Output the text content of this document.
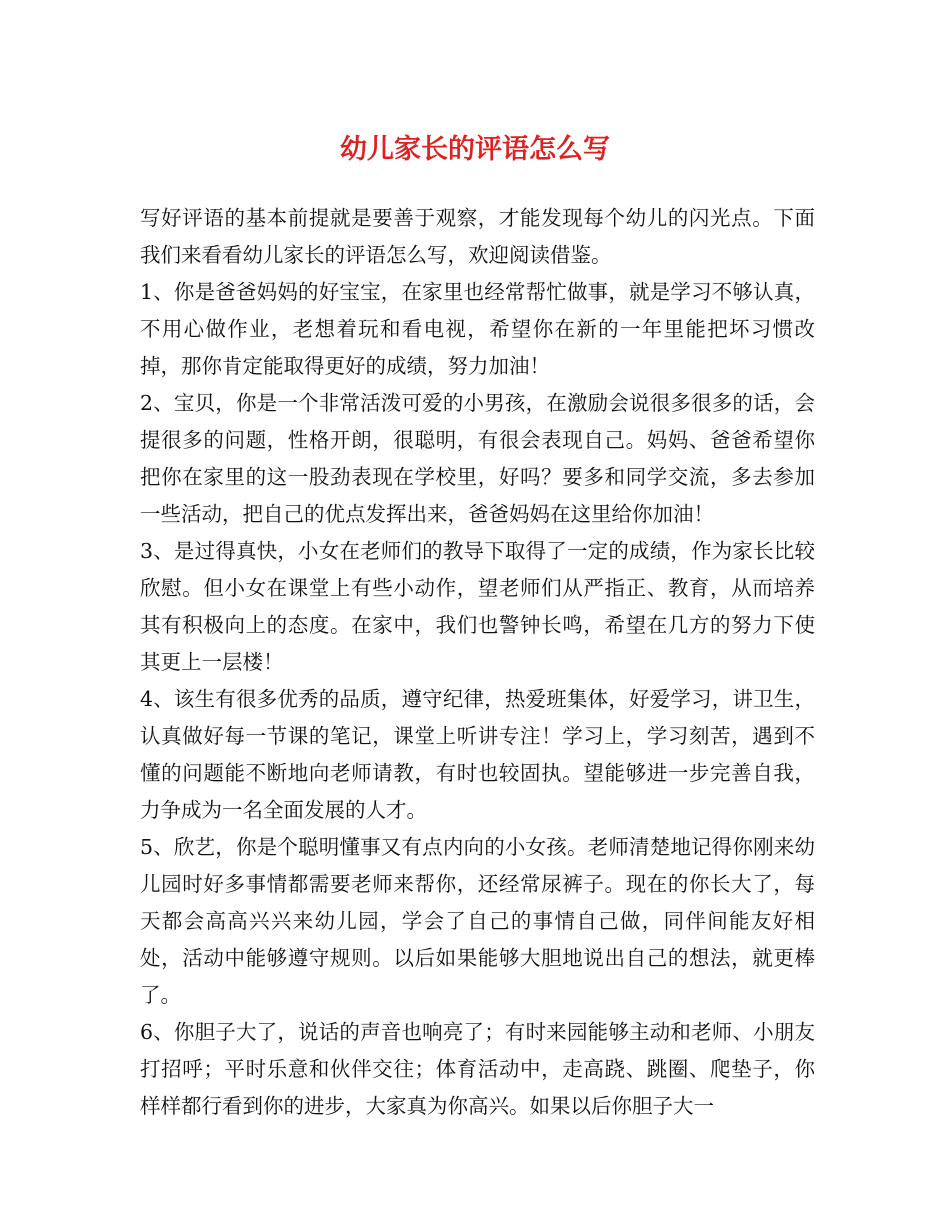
幼儿家长的评语怎么写

写好评语的基本前提就是要善于观察，才能发现每个幼儿的闪光点。下面我们来看看幼儿家长的评语怎么写，欢迎阅读借鉴。

1、你是爸爸妈妈的好宝宝，在家里也经常帮忙做事，就是学习不够认真，不用心做作业，老想着玩和看电视，希望你在新的一年里能把坏习惯改掉，那你肯定能取得更好的成绩，努力加油！

2、宝贝，你是一个非常活泼可爱的小男孩，在激励会说很多很多的话，会提很多的问题，性格开朗，很聪明，有很会表现自己。妈妈、爸爸希望你把你在家里的这一股劲表现在学校里，好吗？要多和同学交流，多去参加一些活动，把自己的优点发挥出来，爸爸妈妈在这里给你加油！

3、是过得真快，小女在老师们的教导下取得了一定的成绩，作为家长比较欣慰。但小女在课堂上有些小动作，望老师们从严指正、教育，从而培养其有积极向上的态度。在家中，我们也警钟长鸣，希望在几方的努力下使其更上一层楼！

4、该生有很多优秀的品质，遵守纪律，热爱班集体，好爱学习，讲卫生，认真做好每一节课的笔记，课堂上听讲专注！学习上，学习刻苦，遇到不懂的问题能不断地向老师请教，有时也较固执。望能够进一步完善自我，力争成为一名全面发展的人才。

5、欣艺，你是个聪明懂事又有点内向的小女孩。老师清楚地记得你刚来幼儿园时好多事情都需要老师来帮你，还经常尿裤子。现在的你长大了，每天都会高高兴兴来幼儿园，学会了自己的事情自己做，同伴间能友好相处，活动中能够遵守规则。以后如果能够大胆地说出自己的想法，就更棒了。

6、你胆子大了，说话的声音也响亮了；有时来园能够主动和老师、小朋友打招呼；平时乐意和伙伴交往；体育活动中，走高跷、跳圈、爬垫子，你样样都行看到你的进步，大家真为你高兴。如果以后你胆子大一
